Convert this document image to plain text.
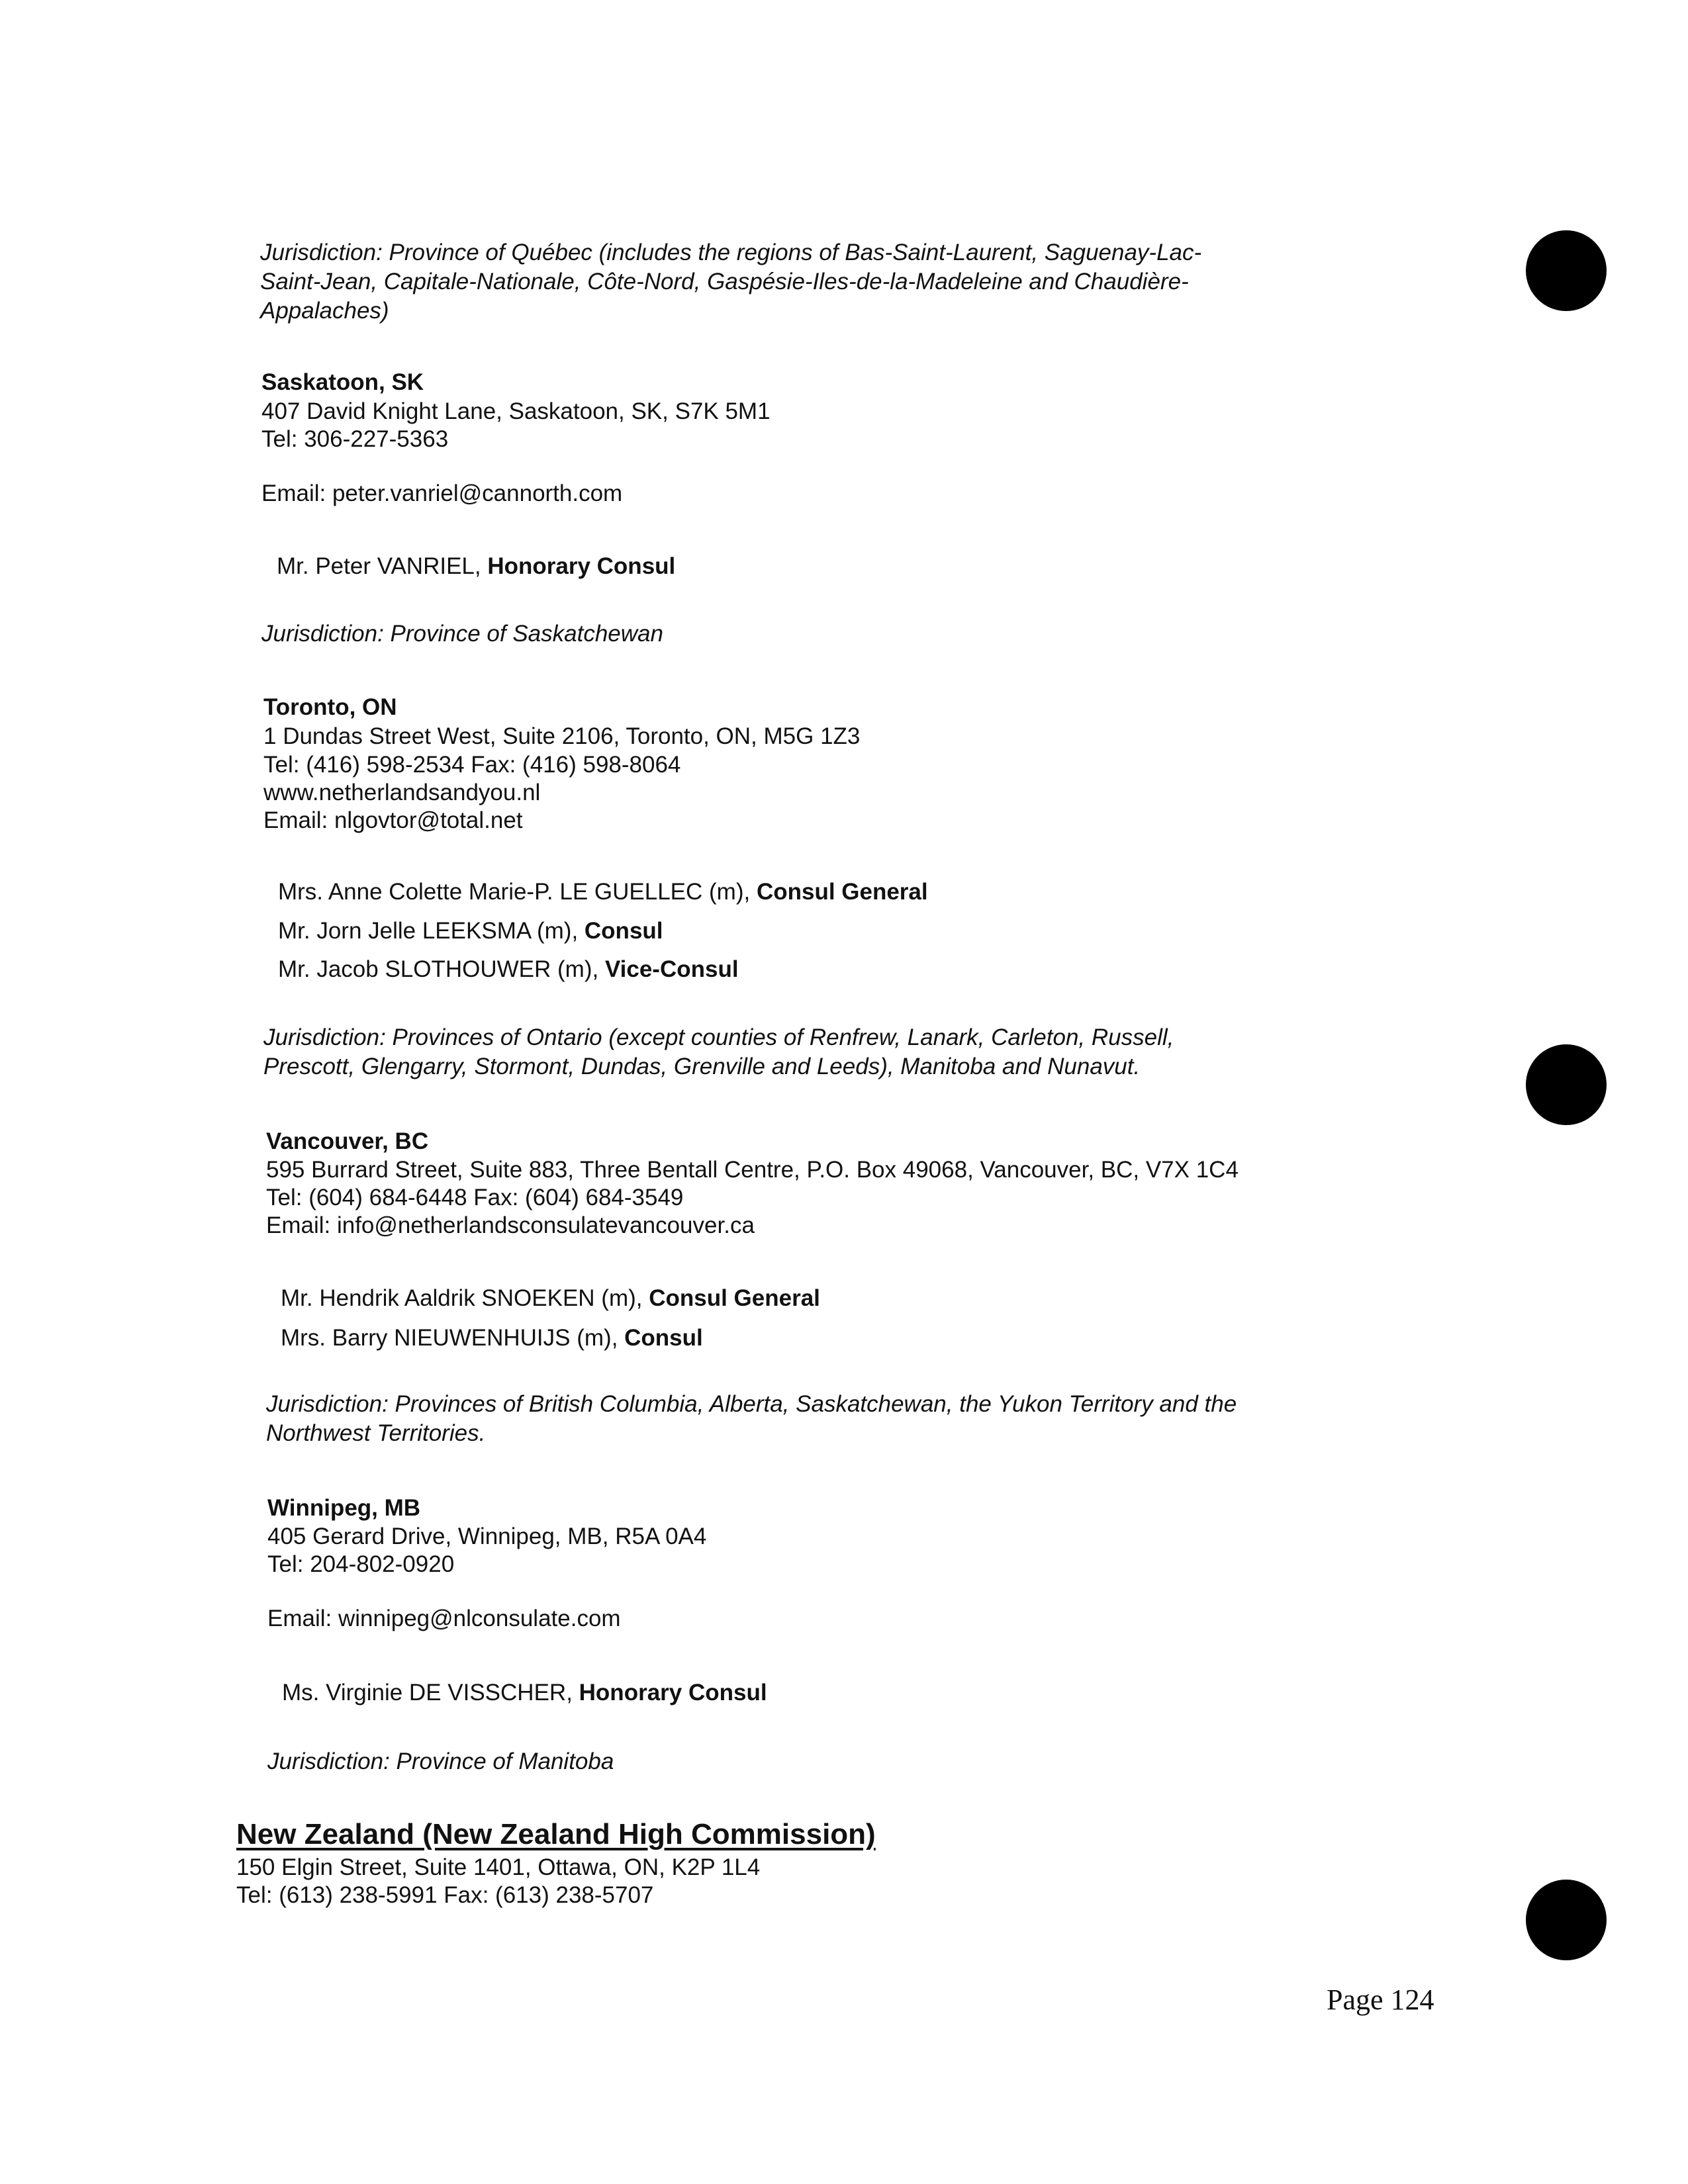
Jurisdiction: Province of Québec (includes the regions of Bas-Saint-Laurent, Saguenay-Lac-
Saint-Jean, Capitale-Nationale, Côte-Nord, Gaspésie-Iles-de-la-Madeleine and Chaudière-
Appalaches)
Saskatoon, SK
407 David Knight Lane, Saskatoon, SK, S7K 5M1
Tel: 306-227-5363
Email: peter.vanriel@cannorth.com
Mr. Peter VANRIEL, Honorary Consul
Jurisdiction: Province of Saskatchewan
Toronto, ON
1 Dundas Street West, Suite 2106, Toronto, ON, M5G 1Z3
Tel: (416) 598-2534 Fax: (416) 598-8064
www.netherlandsandyou.nl
Email: nlgovtor@total.net
Mrs. Anne Colette Marie-P. LE GUELLEC (m), Consul General
Mr. Jorn Jelle LEEKSMA (m), Consul
Mr. Jacob SLOTHOUWER (m), Vice-Consul
Jurisdiction: Provinces of Ontario (except counties of Renfrew, Lanark, Carleton, Russell,
Prescott, Glengarry, Stormont, Dundas, Grenville and Leeds), Manitoba and Nunavut.
Vancouver, BC
595 Burrard Street, Suite 883, Three Bentall Centre, P.O. Box 49068, Vancouver, BC, V7X 1C4
Tel: (604) 684-6448 Fax: (604) 684-3549
Email: info@netherlandsconsulatevancouver.ca
Mr. Hendrik Aaldrik SNOEKEN (m), Consul General
Mrs. Barry NIEUWENHUIJS (m), Consul
Jurisdiction: Provinces of British Columbia, Alberta, Saskatchewan, the Yukon Territory and the
Northwest Territories.
Winnipeg, MB
405 Gerard Drive, Winnipeg, MB, R5A 0A4
Tel: 204-802-0920
Email: winnipeg@nlconsulate.com
Ms. Virginie DE VISSCHER, Honorary Consul
Jurisdiction: Province of Manitoba
New Zealand (New Zealand High Commission)
150 Elgin Street, Suite 1401, Ottawa, ON, K2P 1L4
Tel: (613) 238-5991 Fax: (613) 238-5707
Page 124
